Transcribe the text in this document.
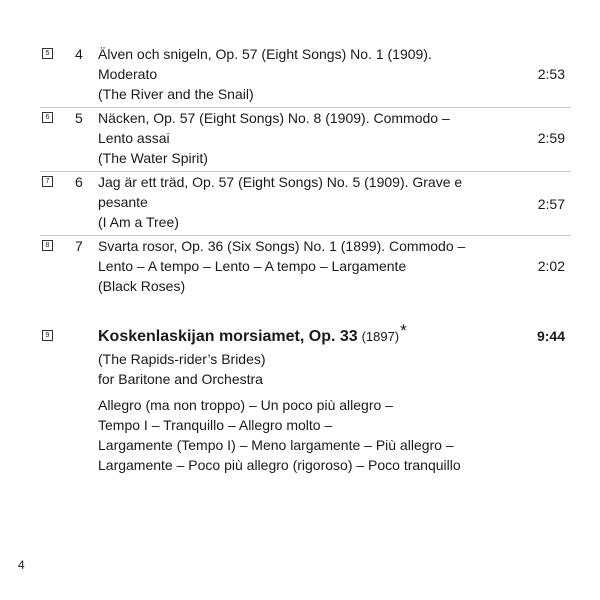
5 4 Älven och snigeln, Op. 57 (Eight Songs) No. 1 (1909).
Moderato
(The River and the Snail)
2:53
6 5 Näcken, Op. 57 (Eight Songs) No. 8 (1909). Commodo –
Lento assai
(The Water Spirit)
2:59
7 6 Jag är ett träd, Op. 57 (Eight Songs) No. 5 (1909). Grave e
pesante
(I Am a Tree)
2:57
8 7 Svarta rosor, Op. 36 (Six Songs) No. 1 (1899). Commodo –
Lento – A tempo – Lento – A tempo – Largamente
(Black Roses)
2:02
9	Koskenlaskijan morsiamet, Op. 33 (1897)*
(The Rapids-rider’s Brides)
for Baritone and Orchestra
Allegro (ma non troppo) – Un poco più allegro –
Tempo I – Tranquillo – Allegro molto –
Largamente (Tempo I) – Meno largamente – Più allegro –
Largamente – Poco più allegro (rigoroso) – Poco tranquillo
9:44
4
